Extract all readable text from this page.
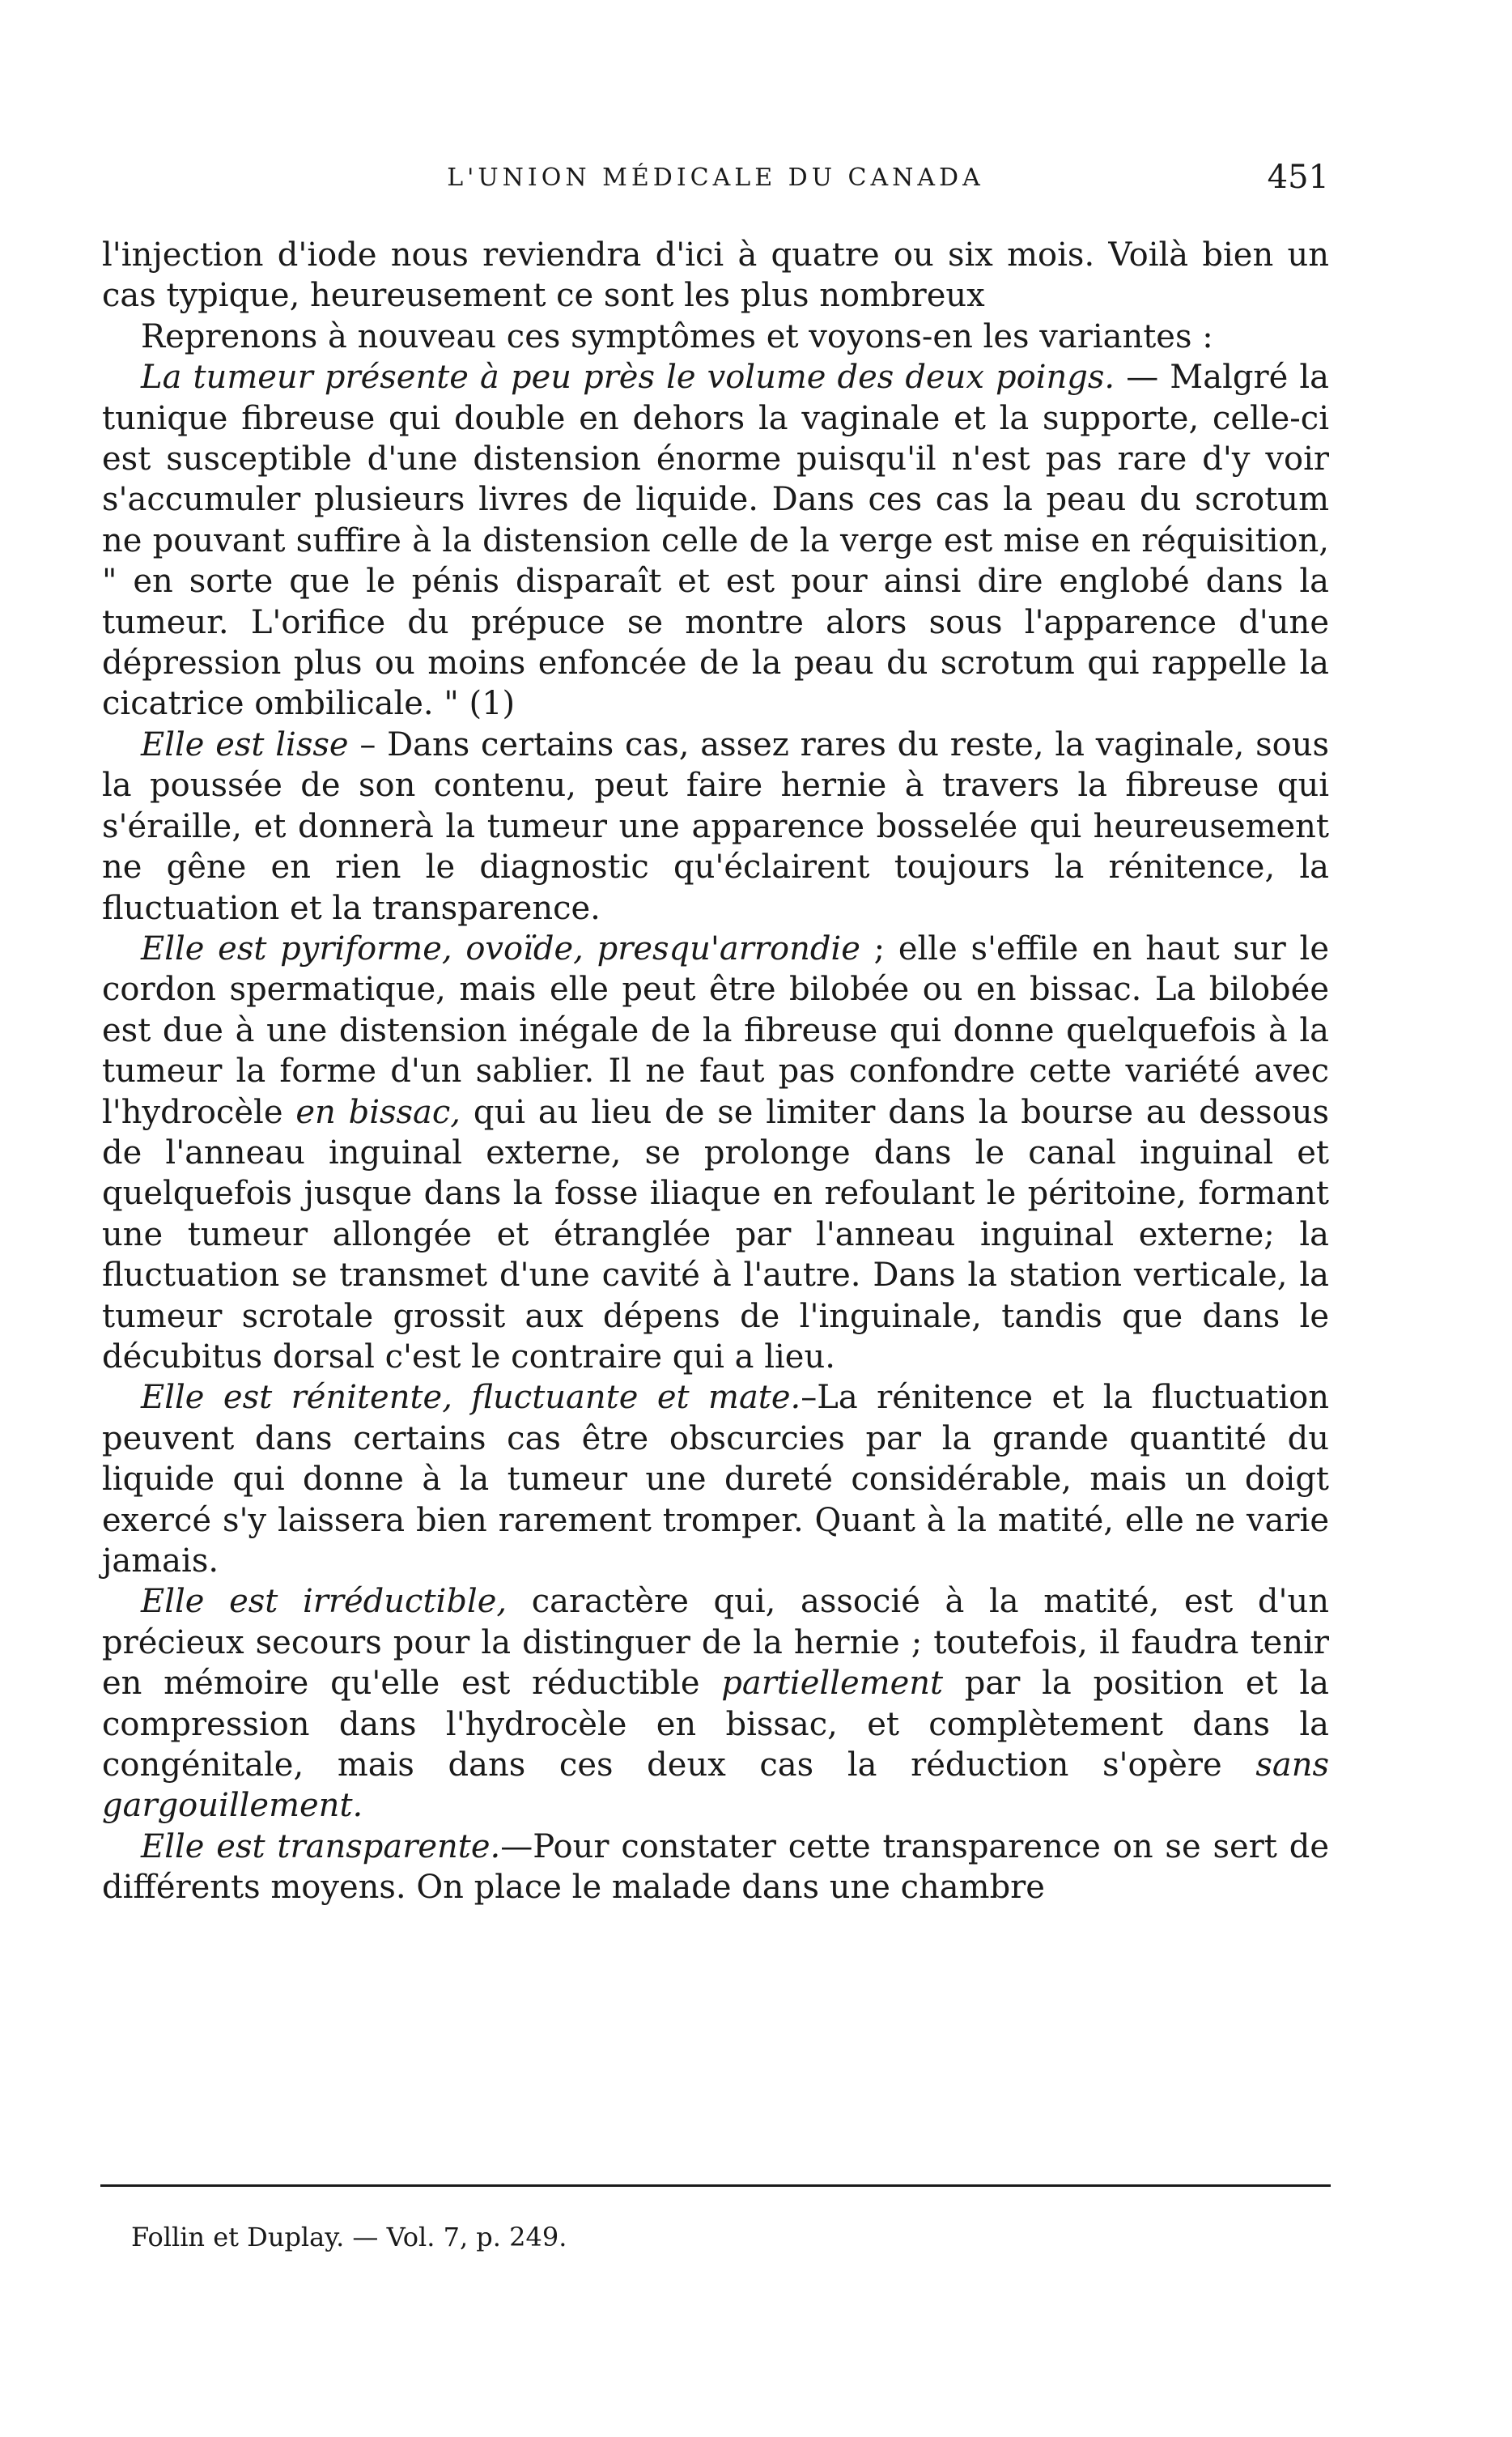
L'UNION MÉDICALE DU CANADA	451

l'injection d'iode nous reviendra d'ici à quatre ou six mois. Voilà bien un cas typique, heureusement ce sont les plus nombreux

Reprenons à nouveau ces symptômes et voyons-en les variantes :

La tumeur présente à peu près le volume des deux poings. — Malgré la tunique fibreuse qui double en dehors la vaginale et la supporte, celle-ci est susceptible d'une distension énorme puisqu'il n'est pas rare d'y voir s'accumuler plusieurs livres de liquide. Dans ces cas la peau du scrotum ne pouvant suffire à la distension celle de la verge est mise en réquisition, " en sorte que le pénis disparaît et est pour ainsi dire englobé dans la tumeur. L'orifice du prépuce se montre alors sous l'apparence d'une dépression plus ou moins enfoncée de la peau du scrotum qui rappelle la cicatrice ombilicale. " (1)

Elle est lisse – Dans certains cas, assez rares du reste, la vaginale, sous la poussée de son contenu, peut faire hernie à travers la fibreuse qui s'éraille, et donnerà la tumeur une apparence bosselée qui heureusement ne gêne en rien le diagnostic qu'éclairent toujours la rénitence, la fluctuation et la transparence.

Elle est pyriforme, ovoïde, presqu'arrondie ; elle s'effile en haut sur le cordon spermatique, mais elle peut être bilobée ou en bissac. La bilobée est due à une distension inégale de la fibreuse qui donne quelquefois à la tumeur la forme d'un sablier. Il ne faut pas confondre cette variété avec l'hydrocèle en bissac, qui au lieu de se limiter dans la bourse au dessous de l'anneau inguinal externe, se prolonge dans le canal inguinal et quelquefois jusque dans la fosse iliaque en refoulant le péritoine, formant une tumeur allongée et étranglée par l'anneau inguinal externe; la fluctuation se transmet d'une cavité à l'autre. Dans la station verticale, la tumeur scrotale grossit aux dépens de l'inguinale, tandis que dans le décubitus dorsal c'est le contraire qui a lieu.

Elle est rénitente, fluctuante et mate.–La rénitence et la fluctuation peuvent dans certains cas être obscurcies par la grande quantité du liquide qui donne à la tumeur une dureté considérable, mais un doigt exercé s'y laissera bien rarement tromper. Quant à la matité, elle ne varie jamais.

Elle est irréductible, caractère qui, associé à la matité, est d'un précieux secours pour la distinguer de la hernie ; toutefois, il faudra tenir en mémoire qu'elle est réductible partiellement par la position et la compression dans l'hydrocèle en bissac, et complètement dans la congénitale, mais dans ces deux cas la réduction s'opère sans gargouillement.

Elle est transparente.—Pour constater cette transparence on se sert de différents moyens. On place le malade dans une chambre

Follin et Duplay. — Vol. 7, p. 249.
